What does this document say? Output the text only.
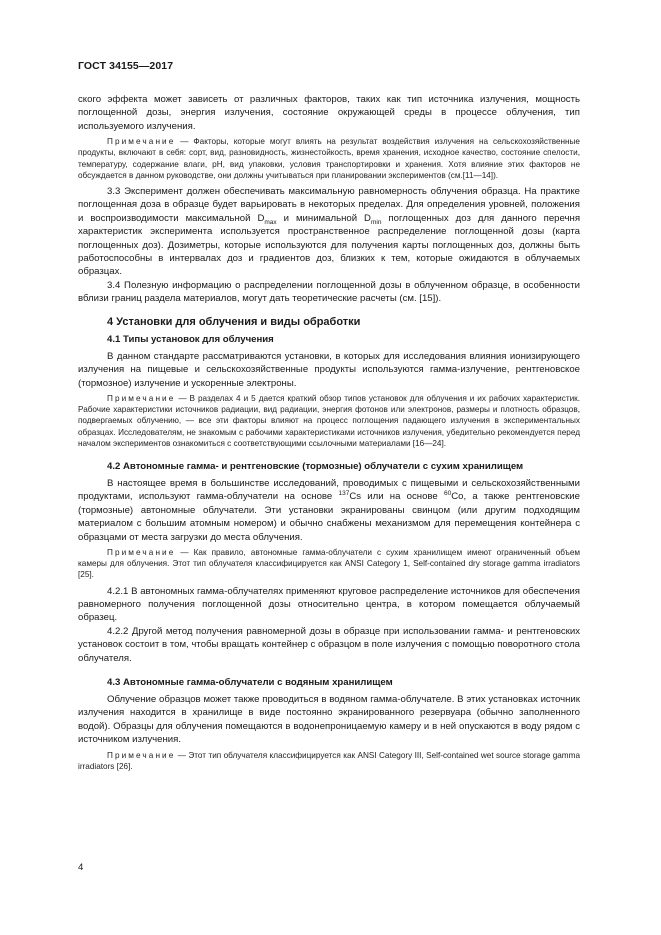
ГОСТ 34155—2017

ского эффекта может зависеть от различных факторов, таких как тип источника излучения, мощность поглощенной дозы, энергия излучения, состояние окружающей среды в процессе облучения, тип используемого излучения.

Примечание — Факторы, которые могут влиять на результат воздействия излучения на сельскохозяйственные продукты, включают в себя: сорт, вид, разновидность, жизнестойкость, время хранения, исходное качество, состояние спелости, температуру, содержание влаги, pH, вид упаковки, условия транспортировки и хранения. Хотя влияние этих факторов не обсуждается в данном руководстве, они должны учитываться при планировании экспериментов (см.[11—14]).

3.3 Эксперимент должен обеспечивать максимальную равномерность облучения образца. На практике поглощенная доза в образце будет варьировать в некоторых пределах. Для определения уровней, положения и воспроизводимости максимальной $D_{max}$ и минимальной $D_{min}$ поглощенных доз для данного перечня характеристик эксперимента используется пространственное распределение поглощенной дозы (карта поглощенных доз). Дозиметры, которые используются для получения карты поглощенных доз, должны быть работоспособны в интервалах доз и градиентов доз, близких к тем, которые ожидаются в облучаемых образцах.

3.4 Полезную информацию о распределении поглощенной дозы в облученном образце, в особенности вблизи границ раздела материалов, могут дать теоретические расчеты (см. [15]).

4 Установки для облучения и виды обработки

4.1 Типы установок для облучения

В данном стандарте рассматриваются установки, в которых для исследования влияния ионизирующего излучения на пищевые и сельскохозяйственные продукты используются гамма-излучение, рентгеновское (тормозное) излучение и ускоренные электроны.

Примечание — В разделах 4 и 5 дается краткий обзор типов установок для облучения и их рабочих характеристик. Рабочие характеристики источников радиации, вид радиации, энергия фотонов или электронов, размеры и плотность образцов, подвергаемых облучению, — все эти факторы влияют на процесс поглощения падающего излучения в экспериментальных образцах. Исследователям, не знакомым с рабочими характеристиками источников излучения, убедительно рекомендуется перед началом экспериментов ознакомиться с соответствующими ссылочными материалами [16—24].

4.2 Автономные гамма- и рентгеновские (тормозные) облучатели с сухим хранилищем

В настоящее время в большинстве исследований, проводимых с пищевыми и сельскохозяйственными продуктами, используют гамма-облучатели на основе $^{137}$Cs или на основе $^{60}$Co, а также рентгеновские (тормозные) автономные облучатели. Эти установки экранированы свинцом (или другим подходящим материалом с большим атомным номером) и обычно снабжены механизмом для перемещения контейнера с образцами от места загрузки до места облучения.

Примечание — Как правило, автономные гамма-облучатели с сухим хранилищем имеют ограниченный объем камеры для облучения. Этот тип облучателя классифицируется как ANSI Category 1, Self-contained dry storage gamma irradiators [25].

4.2.1 В автономных гамма-облучателях применяют круговое распределение источников для обеспечения равномерного получения поглощенной дозы относительно центра, в котором помещается облучаемый образец.

4.2.2 Другой метод получения равномерной дозы в образце при использовании гамма- и рентгеновских установок состоит в том, чтобы вращать контейнер с образцом в поле излучения с помощью поворотного стола облучателя.

4.3 Автономные гамма-облучатели с водяным хранилищем

Облучение образцов может также проводиться в водяном гамма-облучателе. В этих установках источник излучения находится в хранилище в виде постоянно экранированного резервуара (обычно заполненного водой). Образцы для облучения помещаются в водонепроницаемую камеру и в ней опускаются в воду рядом с источником излучения.

Примечание — Этот тип облучателя классифицируется как ANSI Category III, Self-contained wet source storage gamma irradiators [26].

4
